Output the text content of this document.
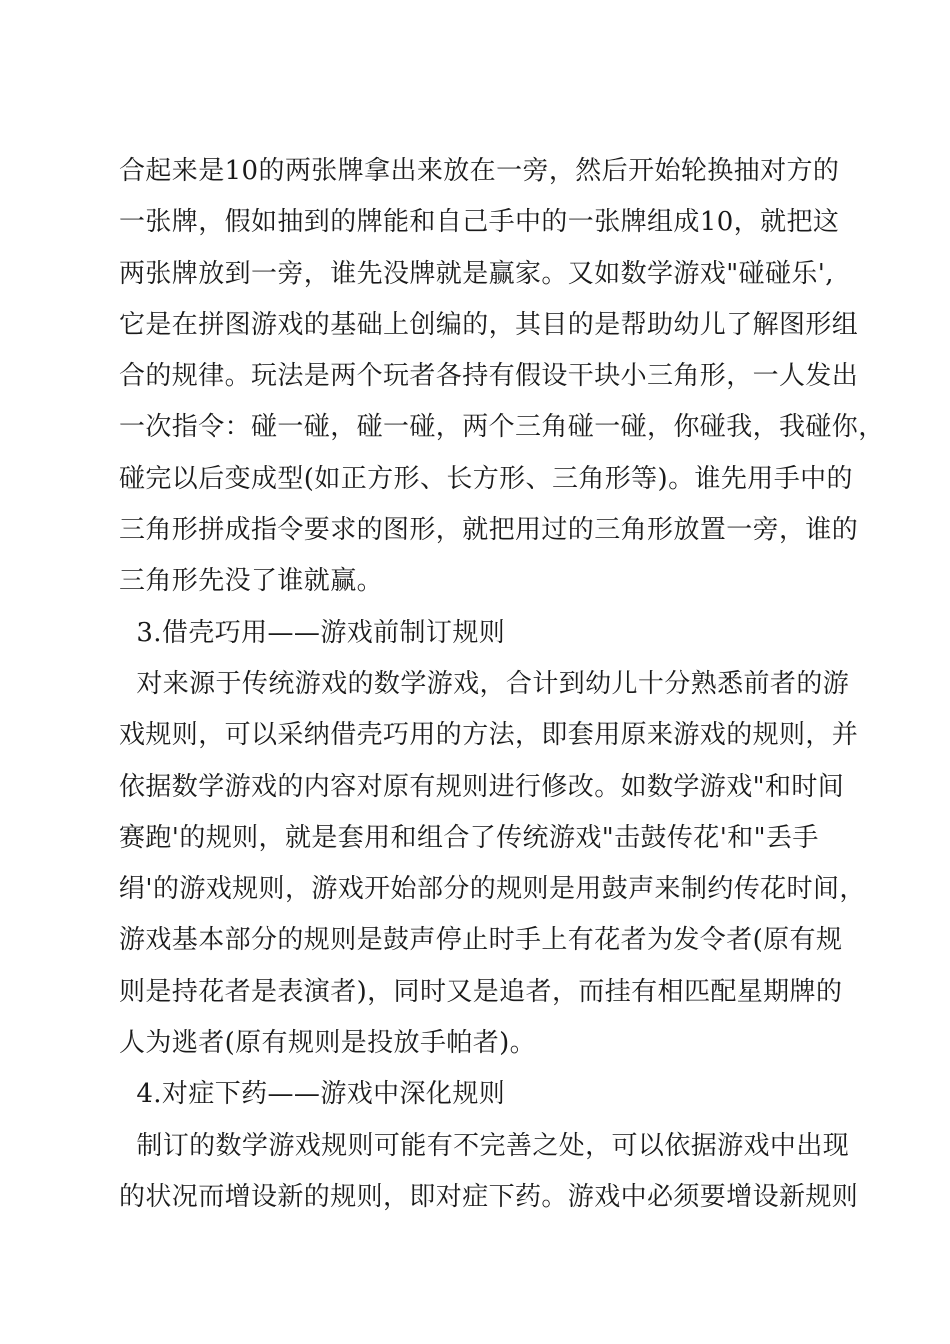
合起来是10的两张牌拿出来放在一旁，然后开始轮换抽对方的
一张牌，假如抽到的牌能和自己手中的一张牌组成10，就把这
两张牌放到一旁，谁先没牌就是赢家。又如数学游戏"碰碰乐',
它是在拼图游戏的基础上创编的，其目的是帮助幼儿了解图形组
合的规律。玩法是两个玩者各持有假设干块小三角形，一人发出
一次指令：碰一碰，碰一碰，两个三角碰一碰，你碰我，我碰你，
碰完以后变成型(如正方形、长方形、三角形等)。谁先用手中的
三角形拼成指令要求的图形，就把用过的三角形放置一旁，谁的
三角形先没了谁就赢。
3.借壳巧用——游戏前制订规则
对来源于传统游戏的数学游戏，合计到幼儿十分熟悉前者的游
戏规则，可以采纳借壳巧用的方法，即套用原来游戏的规则，并
依据数学游戏的内容对原有规则进行修改。如数学游戏"和时间
赛跑'的规则，就是套用和组合了传统游戏"击鼓传花'和"丢手
绢'的游戏规则，游戏开始部分的规则是用鼓声来制约传花时间，
游戏基本部分的规则是鼓声停止时手上有花者为发令者(原有规
则是持花者是表演者)，同时又是追者，而挂有相匹配星期牌的
人为逃者(原有规则是投放手帕者)。
4.对症下药——游戏中深化规则
制订的数学游戏规则可能有不完善之处，可以依据游戏中出现
的状况而增设新的规则，即对症下药。游戏中必须要增设新规则
